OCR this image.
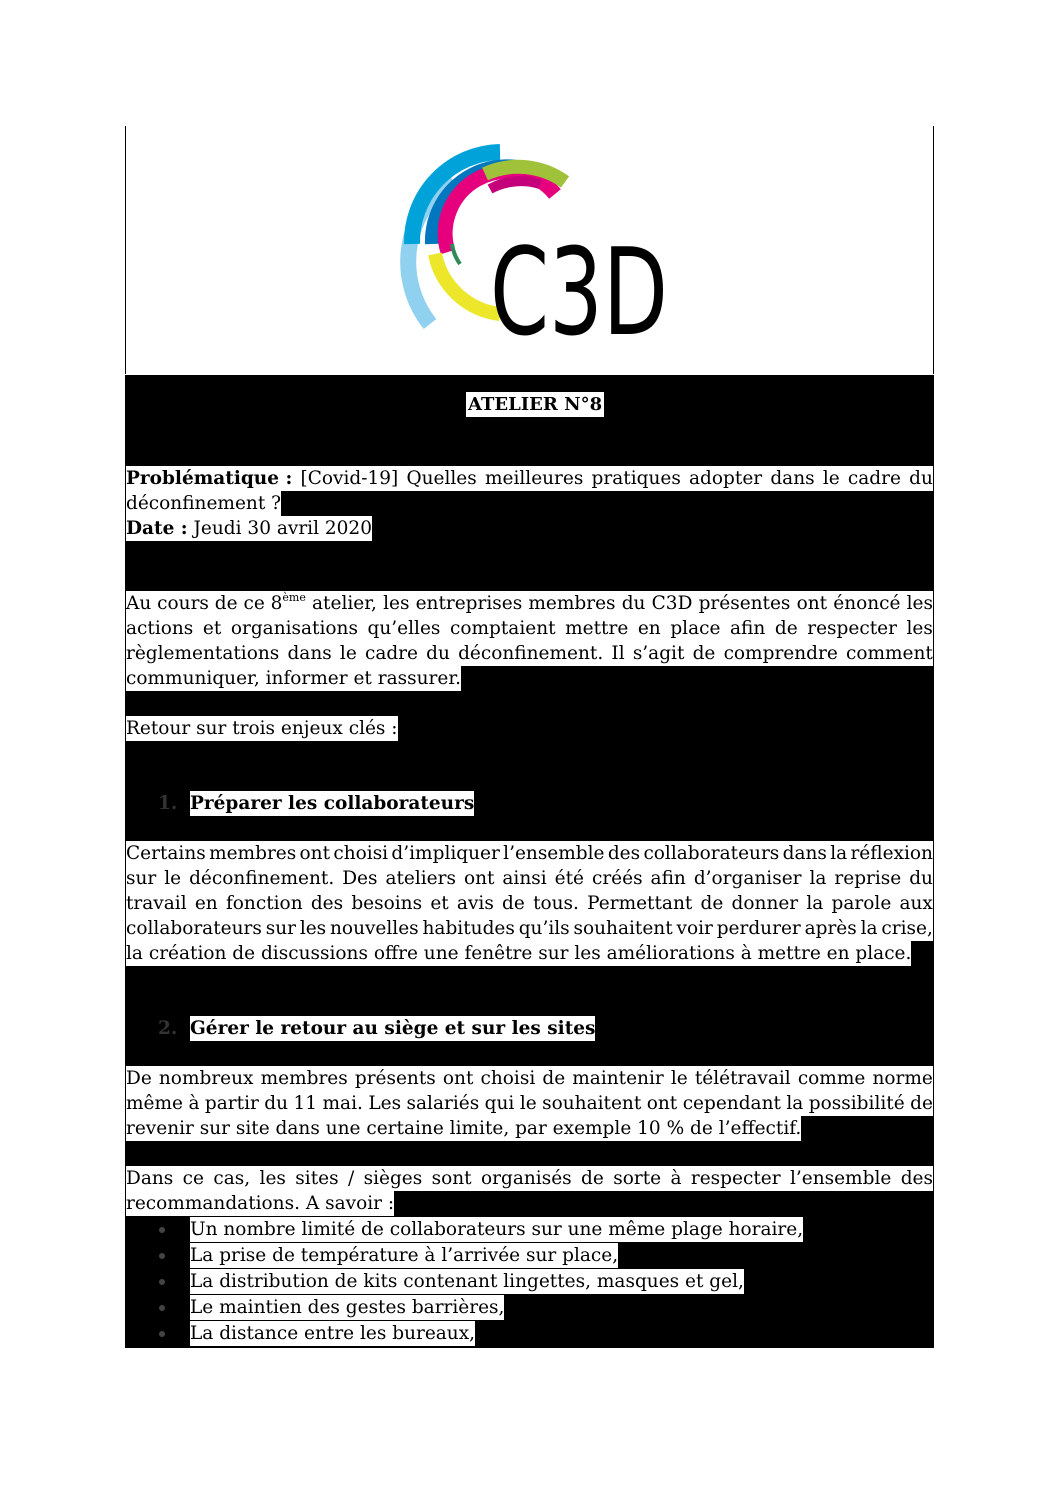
C3D
ATELIER N°8
Problématique : [Covid-19] Quelles meilleures pratiques adopter dans le cadre du
déconfinement ?
Date : Jeudi 30 avril 2020
Au cours de ce 8ème atelier, les entreprises membres du C3D présentes ont énoncé les
actions et organisations qu’elles comptaient mettre en place afin de respecter les
règlementations dans le cadre du déconfinement. Il s’agit de comprendre comment
communiquer, informer et rassurer.
Retour sur trois enjeux clés :
1. Préparer les collaborateurs
Certains membres ont choisi d’impliquer l’ensemble des collaborateurs dans la réflexion
sur le déconfinement. Des ateliers ont ainsi été créés afin d’organiser la reprise du
travail en fonction des besoins et avis de tous. Permettant de donner la parole aux
collaborateurs sur les nouvelles habitudes qu’ils souhaitent voir perdurer après la crise,
la création de discussions offre une fenêtre sur les améliorations à mettre en place.
2. Gérer le retour au siège et sur les sites
De nombreux membres présents ont choisi de maintenir le télétravail comme norme
même à partir du 11 mai. Les salariés qui le souhaitent ont cependant la possibilité de
revenir sur site dans une certaine limite, par exemple 10 % de l’effectif.
Dans ce cas, les sites / sièges sont organisés de sorte à respecter l’ensemble des
recommandations. A savoir :
Un nombre limité de collaborateurs sur une même plage horaire,
La prise de température à l’arrivée sur place,
La distribution de kits contenant lingettes, masques et gel,
Le maintien des gestes barrières,
La distance entre les bureaux,
